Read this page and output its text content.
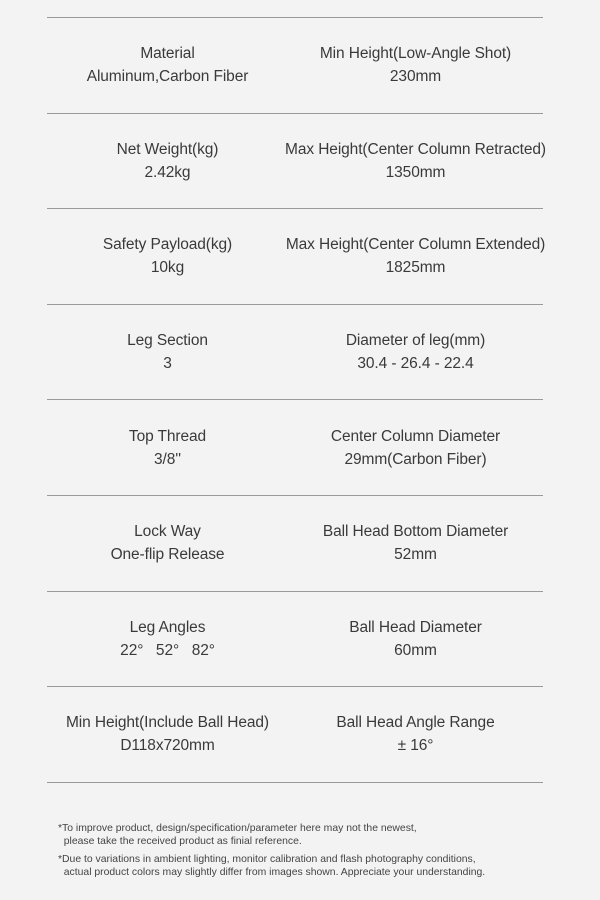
Material
Aluminum,Carbon Fiber
Min Height(Low-Angle Shot)
230mm
Net Weight(kg)
2.42kg
Max Height(Center Column Retracted)
1350mm
Safety Payload(kg)
10kg
Max Height(Center Column Extended)
1825mm
Leg Section
3
Diameter of leg(mm)
30.4 - 26.4 - 22.4
Top Thread
3/8''
Center Column Diameter
29mm(Carbon Fiber)
Lock Way
One-flip Release
Ball Head Bottom Diameter
52mm
Leg Angles
22°   52°   82°
Ball Head Diameter
60mm
Min Height(Include Ball Head)
D118x720mm
Ball Head Angle Range
± 16°

*To improve product, design/specification/parameter here may not the newest,
please take the received product as finial reference.

*Due to variations in ambient lighting, monitor calibration and flash photography conditions,
actual product colors may slightly differ from images shown. Appreciate your understanding.
